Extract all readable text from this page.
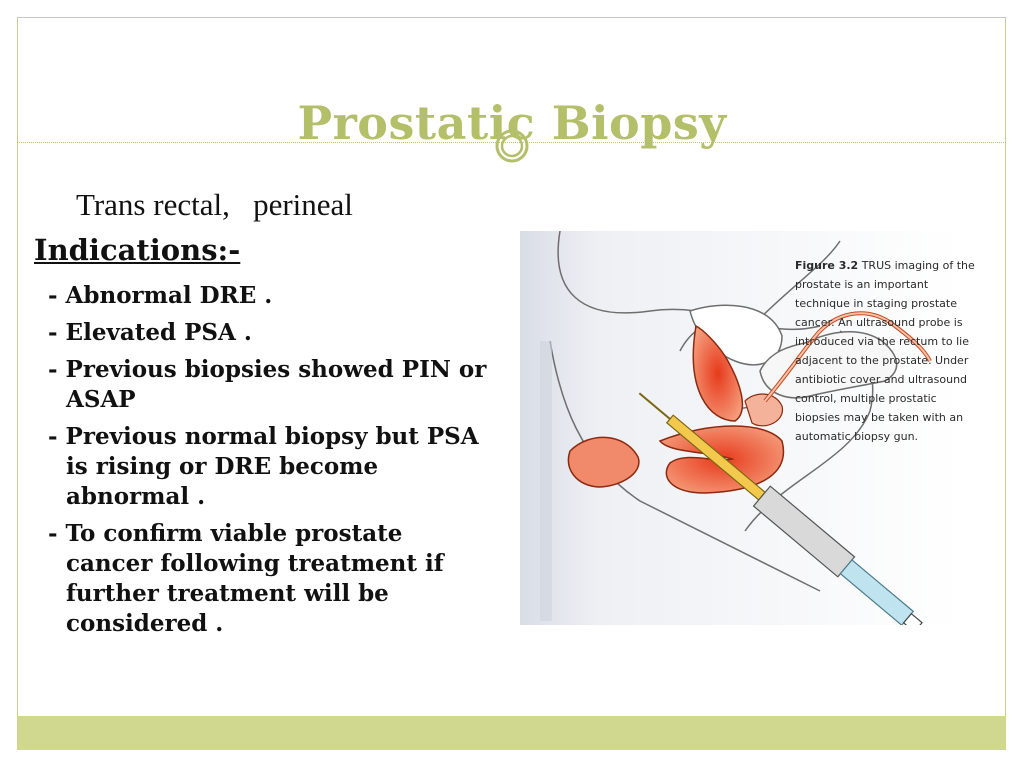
Prostatic Biopsy
Trans rectal,   perineal
Indications:-
- Abnormal DRE .
- Elevated PSA .
- Previous biopsies showed PIN or ASAP
- Previous normal biopsy but PSA is rising or DRE become abnormal .
- To confirm viable prostate cancer following treatment if further treatment will be considered .
Figure 3.2 TRUS imaging of the prostate is an important technique in staging prostate cancer. An ultrasound probe is introduced via the rectum to lie adjacent to the prostate. Under antibiotic cover and ultrasound control, multiple prostatic biopsies may be taken with an automatic biopsy gun.
